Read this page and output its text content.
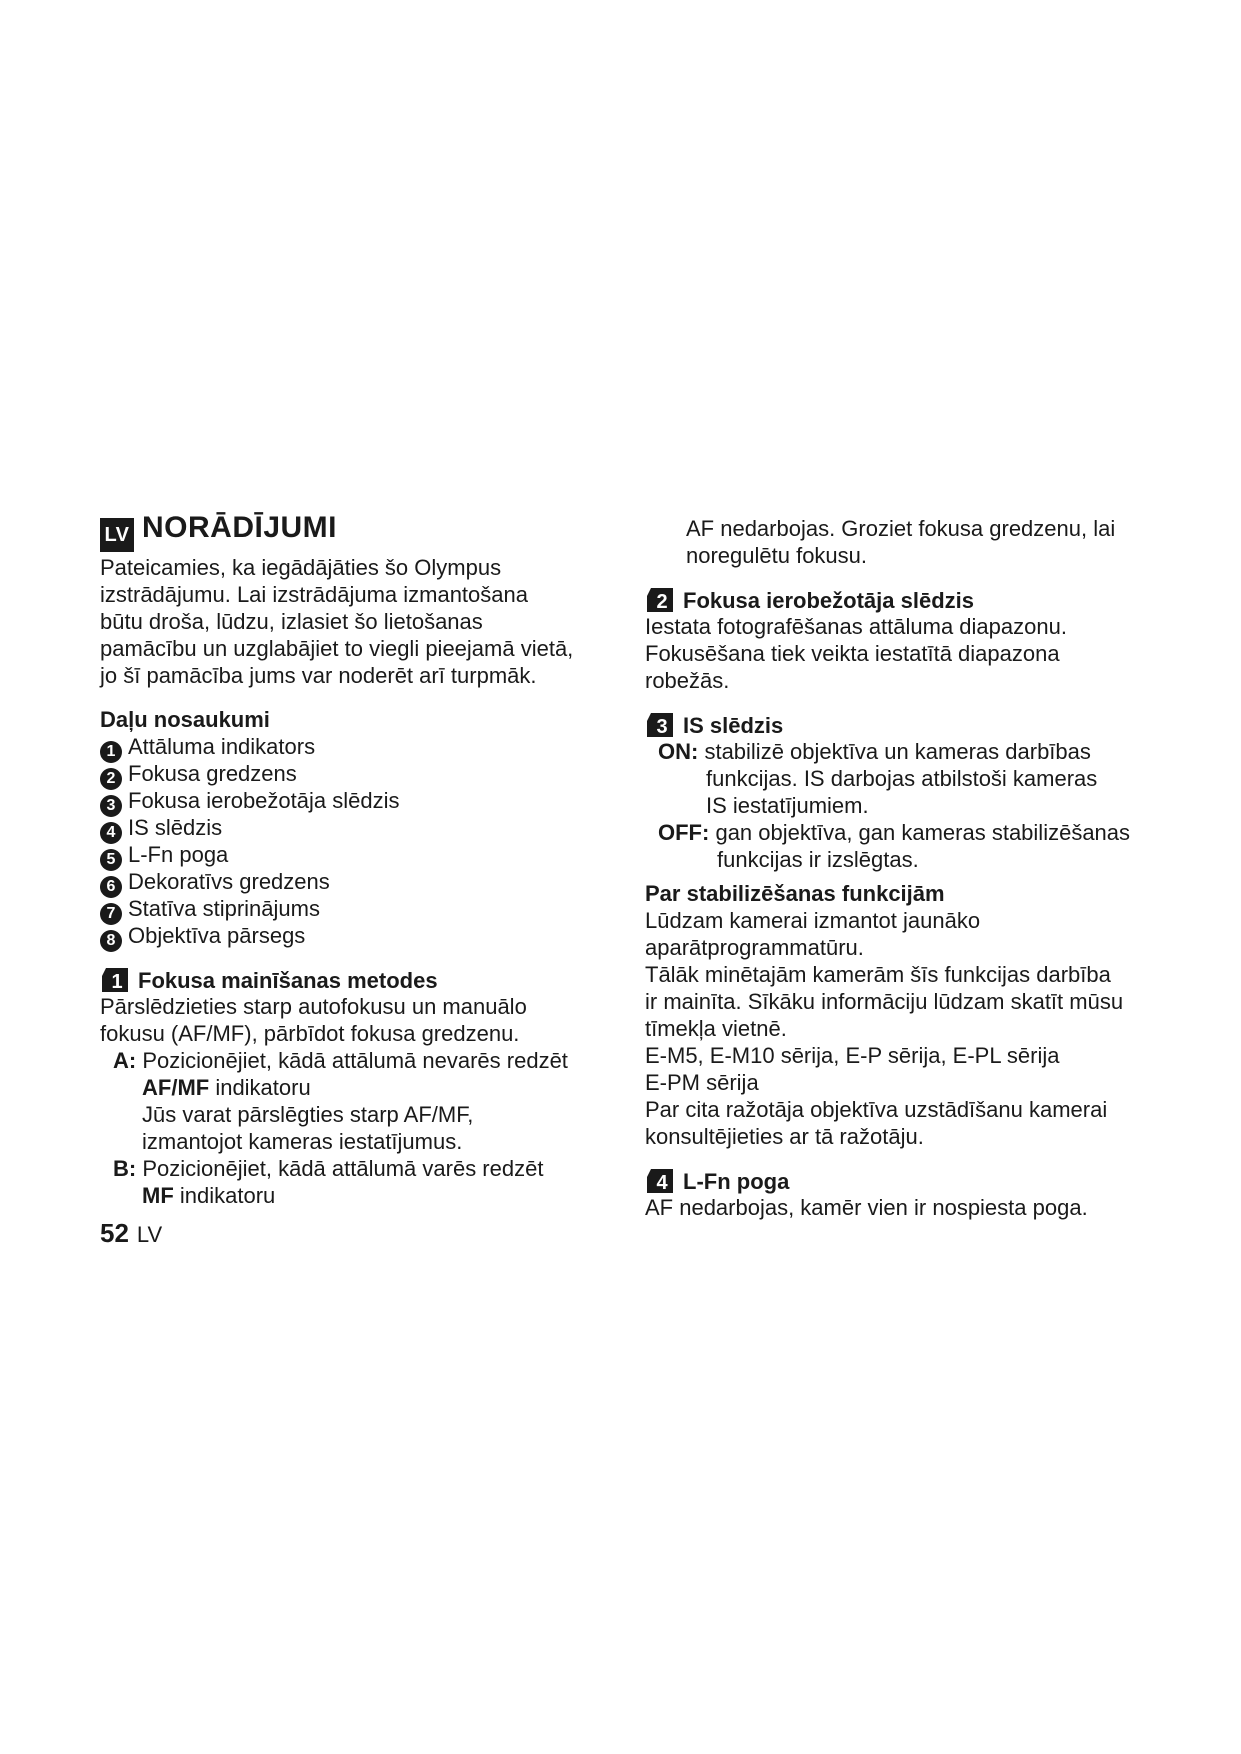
LV NORĀDĪJUMI
Pateicamies, ka iegādājāties šo Olympus
izstrādājumu. Lai izstrādājuma izmantošana
būtu droša, lūdzu, izlasiet šo lietošanas
pamācību un uzglabājiet to viegli pieejamā vietā,
jo šī pamācība jums var noderēt arī turpmāk.
Daļu nosaukumi
1 Attāluma indikators
2 Fokusa gredzens
3 Fokusa ierobežotāja slēdzis
4 IS slēdzis
5 L-Fn poga
6 Dekoratīvs gredzens
7 Statīva stiprinājums
8 Objektīva pārsegs
1 Fokusa mainīšanas metodes
Pārslēdzieties starp autofokusu un manuālo
fokusu (AF/MF), pārbīdot fokusa gredzenu.
A: Pozicionējiet, kādā attālumā nevarēs redzēt
AF/MF indikatoru
Jūs varat pārslēgties starp AF/MF,
izmantojot kameras iestatījumus.
B: Pozicionējiet, kādā attālumā varēs redzēt
MF indikatoru
52 LV
AF nedarbojas. Groziet fokusa gredzenu, lai
noregulētu fokusu.
2 Fokusa ierobežotāja slēdzis
Iestata fotografēšanas attāluma diapazonu.
Fokusēšana tiek veikta iestatītā diapazona
robežās.
3 IS slēdzis
ON: stabilizē objektīva un kameras darbības
funkcijas. IS darbojas atbilstoši kameras
IS iestatījumiem.
OFF: gan objektīva, gan kameras stabilizēšanas
funkcijas ir izslēgtas.
Par stabilizēšanas funkcijām
Lūdzam kamerai izmantot jaunāko
aparātprogrammatūru.
Tālāk minētajām kamerām šīs funkcijas darbība
ir mainīta. Sīkāku informāciju lūdzam skatīt mūsu
tīmekļa vietnē.
E-M5, E-M10 sērija, E-P sērija, E-PL sērija
E-PM sērija
Par cita ražotāja objektīva uzstādīšanu kamerai
konsultējieties ar tā ražotāju.
4 L-Fn poga
AF nedarbojas, kamēr vien ir nospiesta poga.
